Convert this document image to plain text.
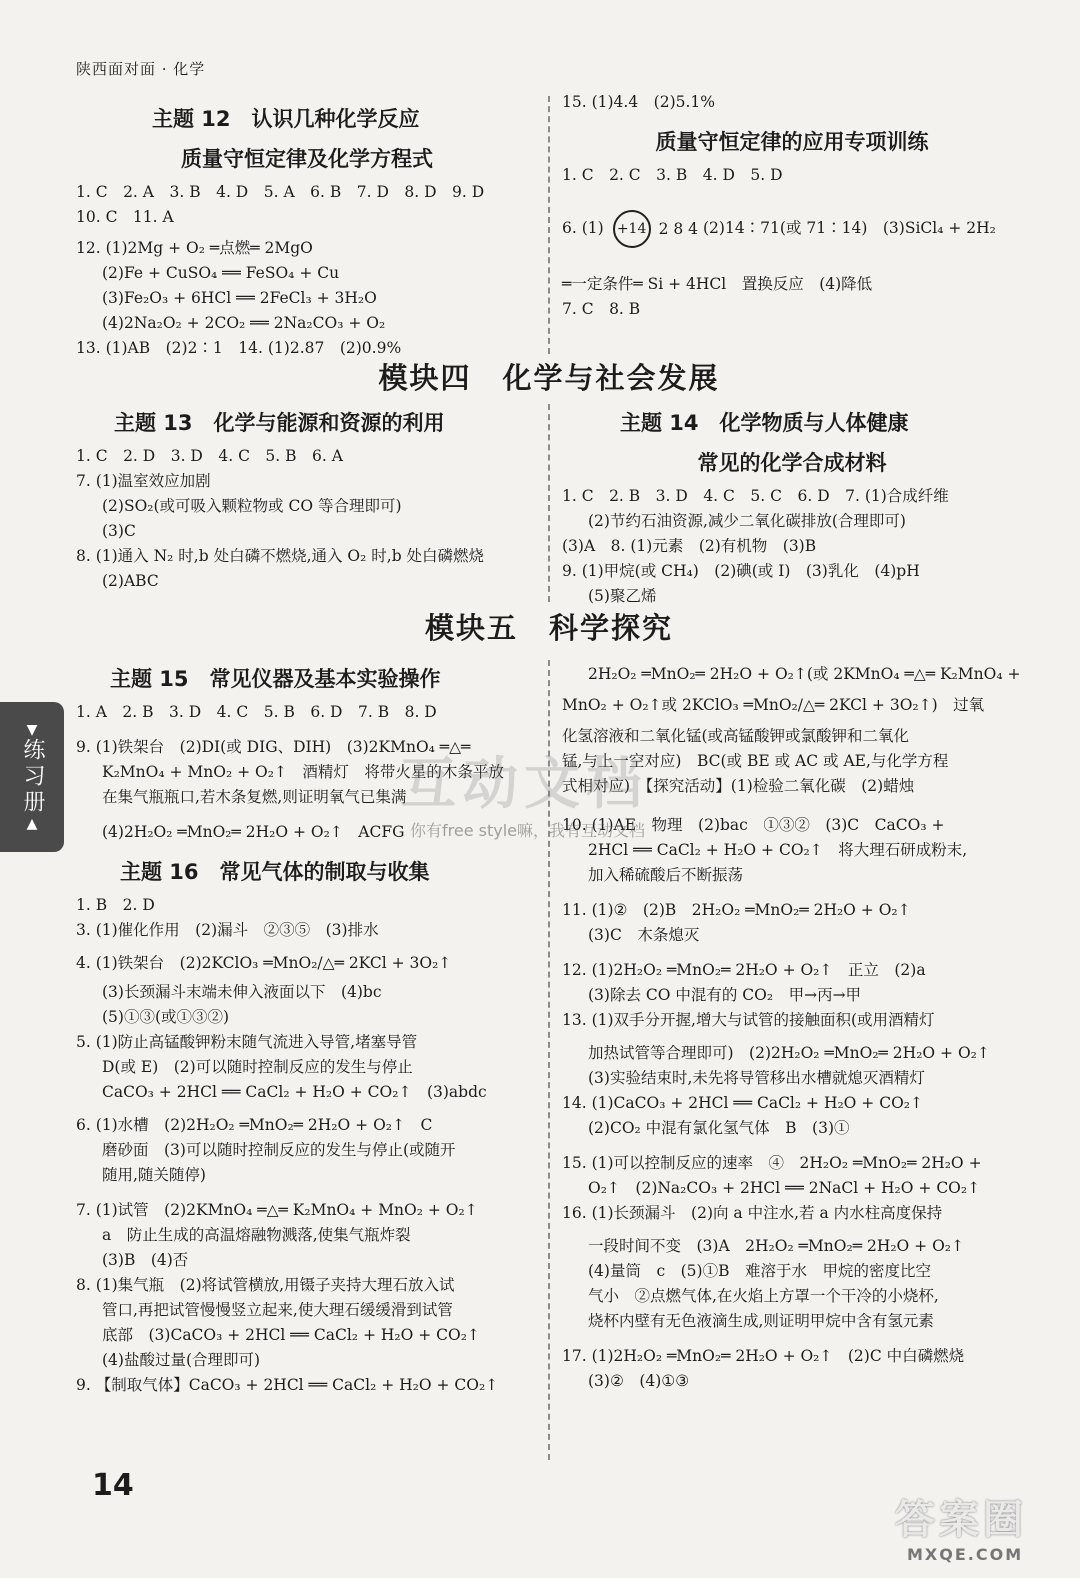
陕西面对面 · 化学
主题 12　认识几种化学反应
质量守恒定律及化学方程式
1. C　2. A　3. B　4. D　5. A　6. B　7. D　8. D　9. D
10. C　11. A
12. (1)2Mg + O₂ ═点燃═ 2MgO
(2)Fe + CuSO₄ ══ FeSO₄ + Cu
(3)Fe₂O₃ + 6HCl ══ 2FeCl₃ + 3H₂O
(4)2Na₂O₂ + 2CO₂ ══ 2Na₂CO₃ + O₂
13. (1)AB　(2)2∶1　14. (1)2.87　(2)0.9%
15. (1)4.4　(2)5.1%
质量守恒定律的应用专项训练
1. C　2. C　3. B　4. D　5. D
6. (1) +14 2 8 4 (2)14∶71(或 71∶14)　(3)SiCl₄ + 2H₂
═一定条件═ Si + 4HCl　置换反应　(4)降低
7. C　8. B
模块四　化学与社会发展
主题 13　化学与能源和资源的利用
1. C　2. D　3. D　4. C　5. B　6. A
7. (1)温室效应加剧
(2)SO₂(或可吸入颗粒物或 CO 等合理即可)
(3)C
8. (1)通入 N₂ 时,b 处白磷不燃烧,通入 O₂ 时,b 处白磷燃烧
(2)ABC
主题 14　化学物质与人体健康
常见的化学合成材料
1. C　2. B　3. D　4. C　5. C　6. D　7. (1)合成纤维
(2)节约石油资源,减少二氧化碳排放(合理即可)
(3)A　8. (1)元素　(2)有机物　(3)B
9. (1)甲烷(或 CH₄)　(2)碘(或 I)　(3)乳化　(4)pH
(5)聚乙烯
模块五　科学探究
主题 15　常见仪器及基本实验操作
1. A　2. B　3. D　4. C　5. B　6. D　7. B　8. D
9. (1)铁架台　(2)DI(或 DIG、DIH)　(3)2KMnO₄ ═△═
K₂MnO₄ + MnO₂ + O₂↑　酒精灯　将带火星的木条平放
在集气瓶瓶口,若木条复燃,则证明氧气已集满
(4)2H₂O₂ ═MnO₂═ 2H₂O + O₂↑　ACFG
主题 16　常见气体的制取与收集
1. B　2. D
3. (1)催化作用　(2)漏斗　②③⑤　(3)排水
4. (1)铁架台　(2)2KClO₃ ═MnO₂/△═ 2KCl + 3O₂↑
(3)长颈漏斗末端未伸入液面以下　(4)bc
(5)①③(或①③②)
5. (1)防止高锰酸钾粉末随气流进入导管,堵塞导管
D(或 E)　(2)可以随时控制反应的发生与停止
CaCO₃ + 2HCl ══ CaCl₂ + H₂O + CO₂↑　(3)abdc
6. (1)水槽　(2)2H₂O₂ ═MnO₂═ 2H₂O + O₂↑　C
磨砂面　(3)可以随时控制反应的发生与停止(或随开
随用,随关随停)
7. (1)试管　(2)2KMnO₄ ═△═ K₂MnO₄ + MnO₂ + O₂↑
a　防止生成的高温熔融物溅落,使集气瓶炸裂
(3)B　(4)否
8. (1)集气瓶　(2)将试管横放,用镊子夹持大理石放入试
管口,再把试管慢慢竖立起来,使大理石缓缓滑到试管
底部　(3)CaCO₃ + 2HCl ══ CaCl₂ + H₂O + CO₂↑
(4)盐酸过量(合理即可)
9. 【制取气体】CaCO₃ + 2HCl ══ CaCl₂ + H₂O + CO₂↑
2H₂O₂ ═MnO₂═ 2H₂O + O₂↑(或 2KMnO₄ ═△═ K₂MnO₄ +
MnO₂ + O₂↑或 2KClO₃ ═MnO₂/△═ 2KCl + 3O₂↑)　过氧
化氢溶液和二氧化锰(或高锰酸钾或氯酸钾和二氧化
锰,与上一空对应)　BC(或 BE 或 AC 或 AE,与化学方程
式相对应)　【探究活动】(1)检验二氧化碳　(2)蜡烛
10. (1)AE　物理　(2)bac　①③②　(3)C　CaCO₃ +
2HCl ══ CaCl₂ + H₂O + CO₂↑　将大理石研成粉末,
加入稀硫酸后不断振荡
11. (1)②　(2)B　2H₂O₂ ═MnO₂═ 2H₂O + O₂↑
(3)C　木条熄灭
12. (1)2H₂O₂ ═MnO₂═ 2H₂O + O₂↑　正立　(2)a
(3)除去 CO 中混有的 CO₂　甲→丙→甲
13. (1)双手分开握,增大与试管的接触面积(或用酒精灯
加热试管等合理即可)　(2)2H₂O₂ ═MnO₂═ 2H₂O + O₂↑
(3)实验结束时,未先将导管移出水槽就熄灭酒精灯
14. (1)CaCO₃ + 2HCl ══ CaCl₂ + H₂O + CO₂↑
(2)CO₂ 中混有氯化氢气体　B　(3)①
15. (1)可以控制反应的速率　④　2H₂O₂ ═MnO₂═ 2H₂O +
O₂↑　(2)Na₂CO₃ + 2HCl ══ 2NaCl + H₂O + CO₂↑
16. (1)长颈漏斗　(2)向 a 中注水,若 a 内水柱高度保持
一段时间不变　(3)A　2H₂O₂ ═MnO₂═ 2H₂O + O₂↑
(4)量筒　c　(5)①B　难溶于水　甲烷的密度比空
气小　②点燃气体,在火焰上方罩一个干冷的小烧杯,
烧杯内壁有无色液滴生成,则证明甲烷中含有氢元素
17. (1)2H₂O₂ ═MnO₂═ 2H₂O + O₂↑　(2)C 中白磷燃烧
(3)②　(4)①③
▼
练习册
▲
互动文档
你有free style嘛，我有互动文档
14
答案圈
MXQE.COM
